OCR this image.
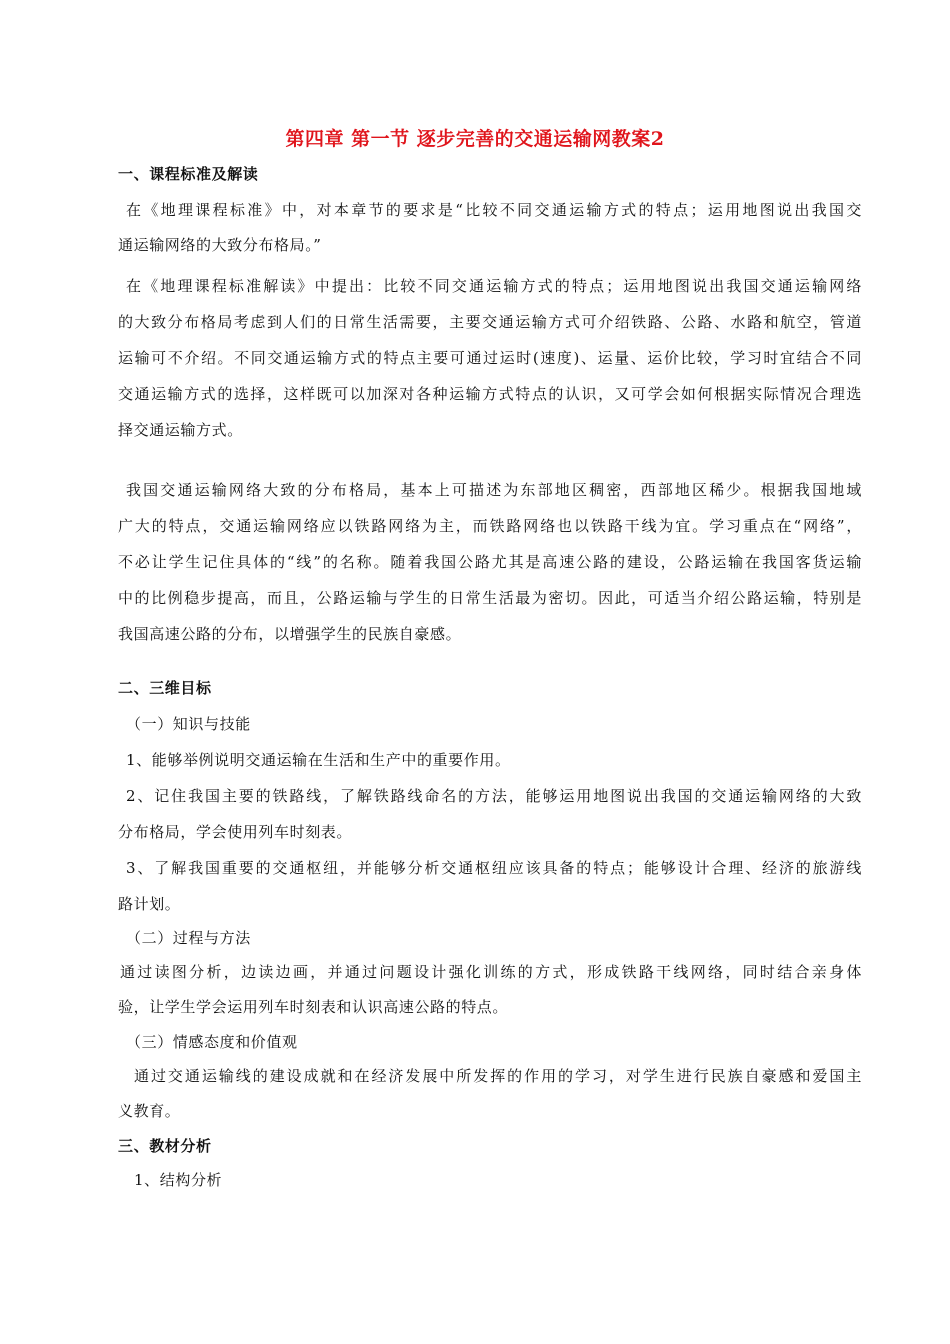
第四章 第一节 逐步完善的交通运输网教案2
一、课程标准及解读
在《地理课程标准》中，对本章节的要求是“比较不同交通运输方式的特点；运用地图说出我国交
通运输网络的大致分布格局。”
在《地理课程标准解读》中提出：比较不同交通运输方式的特点；运用地图说出我国交通运输网络
的大致分布格局考虑到人们的日常生活需要，主要交通运输方式可介绍铁路、公路、水路和航空，管道
运输可不介绍。不同交通运输方式的特点主要可通过运时(速度)、运量、运价比较，学习时宜结合不同
交通运输方式的选择，这样既可以加深对各种运输方式特点的认识，又可学会如何根据实际情况合理选
择交通运输方式。
我国交通运输网络大致的分布格局，基本上可描述为东部地区稠密，西部地区稀少。根据我国地域
广大的特点，交通运输网络应以铁路网络为主，而铁路网络也以铁路干线为宜。学习重点在“网络”，
不必让学生记住具体的“线”的名称。随着我国公路尤其是高速公路的建设，公路运输在我国客货运输
中的比例稳步提高，而且，公路运输与学生的日常生活最为密切。因此，可适当介绍公路运输，特别是
我国高速公路的分布，以增强学生的民族自豪感。
二、三维目标
（一）知识与技能
1、能够举例说明交通运输在生活和生产中的重要作用。
2、记住我国主要的铁路线，了解铁路线命名的方法，能够运用地图说出我国的交通运输网络的大致
分布格局，学会使用列车时刻表。
3、了解我国重要的交通枢纽，并能够分析交通枢纽应该具备的特点；能够设计合理、经济的旅游线
路计划。
（二）过程与方法
通过读图分析，边读边画，并通过问题设计强化训练的方式，形成铁路干线网络，同时结合亲身体
验，让学生学会运用列车时刻表和认识高速公路的特点。
（三）情感态度和价值观
通过交通运输线的建设成就和在经济发展中所发挥的作用的学习，对学生进行民族自豪感和爱国主
义教育。
三、教材分析
1、结构分析
